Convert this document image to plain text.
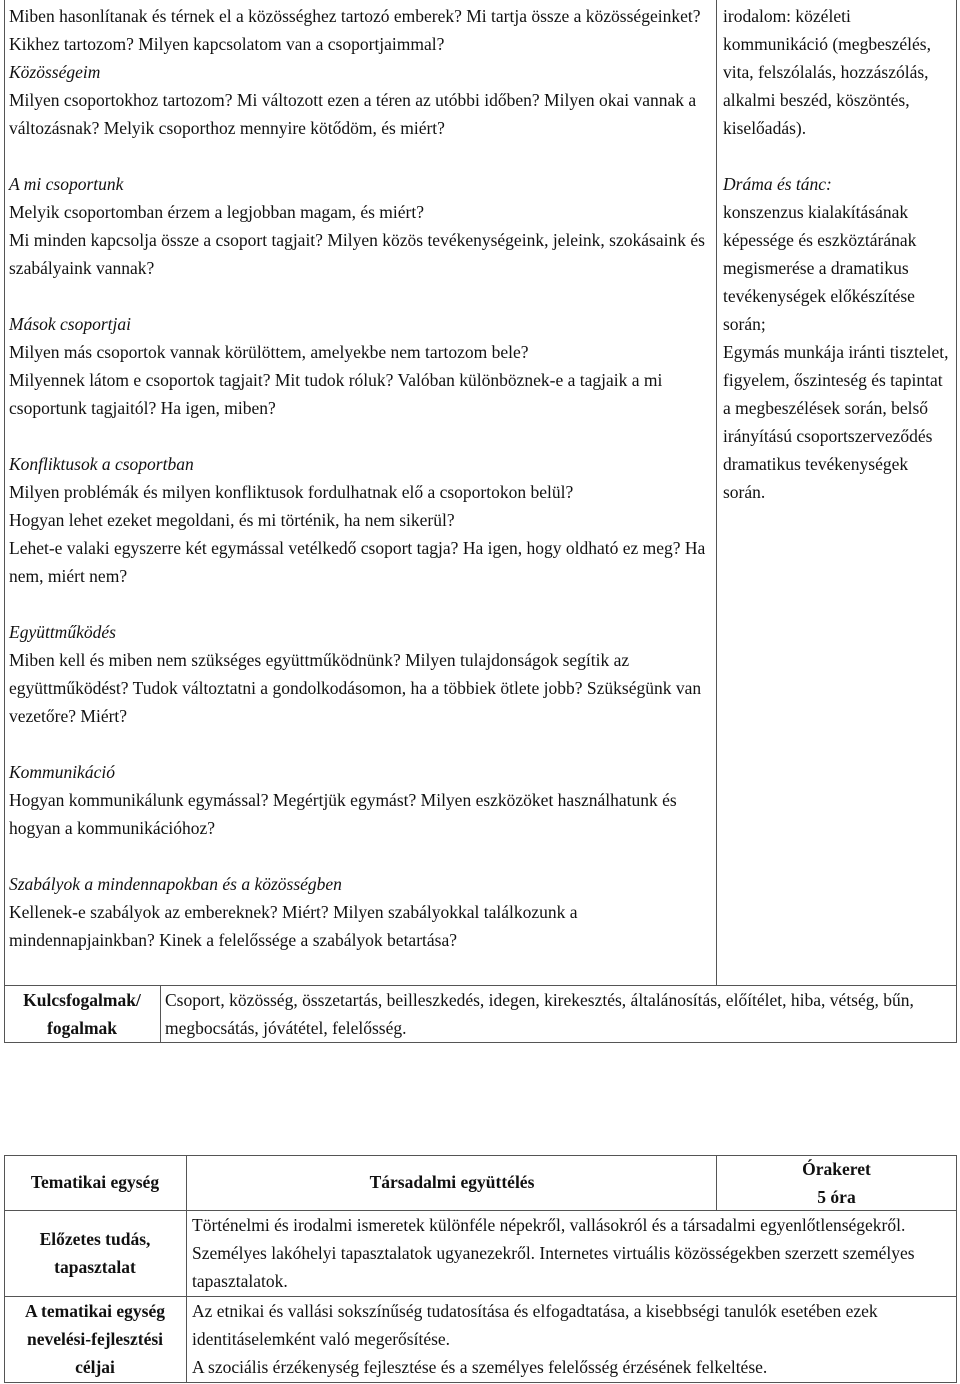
Miben hasonlítanak és térnek el a közösséghez tartozó emberek? Mi tartja össze a közösségeinket? Kikhez tartozom? Milyen kapcsolatom van a csoportjaimmal?

Közösségeim

Milyen csoportokhoz tartozom? Mi változott ezen a téren az utóbbi időben? Milyen okai vannak a változásnak? Melyik csoporthoz mennyire kötődöm, és miért?

A mi csoportunk

Melyik csoportomban érzem a legjobban magam, és miért?

Mi minden kapcsolja össze a csoport tagjait? Milyen közös tevékenységeink, jeleink, szokásaink és szabályaink vannak?

Mások csoportjai

Milyen más csoportok vannak körülöttem, amelyekbe nem tartozom bele?

Milyennek látom e csoportok tagjait? Mit tudok róluk? Valóban különböznek-e a tagjaik a mi csoportunk tagjaitól? Ha igen, miben?

Konfliktusok a csoportban

Milyen problémák és milyen konfliktusok fordulhatnak elő a csoportokon belül?

Hogyan lehet ezeket megoldani, és mi történik, ha nem sikerül?

Lehet-e valaki egyszerre két egymással vetélkedő csoport tagja? Ha igen, hogy oldható ez meg? Ha nem, miért nem?

Együttműködés

Miben kell és miben nem szükséges együttműködnünk? Milyen tulajdonságok segítik az együttműködést? Tudok változtatni a gondolkodásomon, ha a többiek ötlete jobb? Szükségünk van vezetőre? Miért?

Kommunikáció

Hogyan kommunikálunk egymással? Megértjük egymást? Milyen eszközöket használhatunk és hogyan a kommunikációhoz?

Szabályok a mindennapokban és a közösségben

Kellenek-e szabályok az embereknek? Miért? Milyen szabályokkal találkozunk a mindennapjainkban? Kinek a felelőssége a szabályok betartása?

irodalom: közéleti kommunikáció (megbeszélés, vita, felszólalás, hozzászólás, alkalmi beszéd, köszöntés, kiselőadás).

Dráma és tánc:

konszenzus kialakításának képessége és eszköztárának megismerése a dramatikus tevékenységek előkészítése során;

Egymás munkája iránti tisztelet, figyelem, őszinteség és tapintat a megbeszélések során, belső irányítású csoportszerveződés dramatikus tevékenységek során.

Kulcsfogalmak/ fogalmak
Csoport, közösség, összetartás, beilleszkedés, idegen, kirekesztés, általánosítás, előítélet, hiba, vétség, bűn, megbocsátás, jóvátétel, felelősség.
Tematikai egység	Társadalmi együttélés
Órakeret
5 óra
Előzetes tudás, tapasztalat
Történelmi és irodalmi ismeretek különféle népekről, vallásokról és a társadalmi egyenlőtlenségekről. Személyes lakóhelyi tapasztalatok ugyanezekről. Internetes virtuális közösségekben szerzett személyes tapasztalatok.
A tematikai egység nevelési-fejlesztési céljai
Az etnikai és vallási sokszínűség tudatosítása és elfogadtatása, a kisebbségi tanulók esetében ezek identitáselemként való megerősítése.
A szociális érzékenység fejlesztése és a személyes felelősség érzésének felkeltése.
